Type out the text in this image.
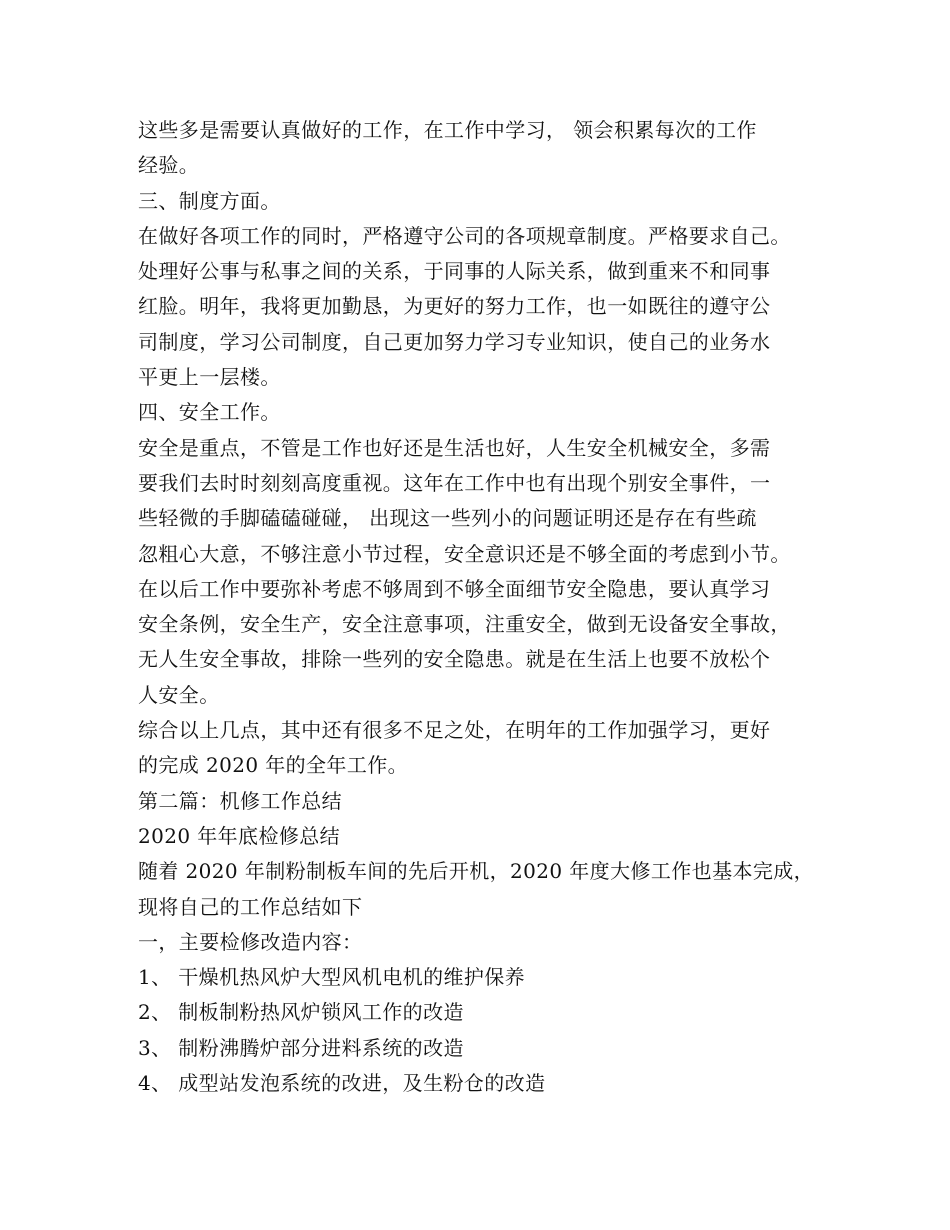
这些多是需要认真做好的工作，在工作中学习， 领会积累每次的工作
经验。
三、制度方面。
在做好各项工作的同时，严格遵守公司的各项规章制度。严格要求自己。
处理好公事与私事之间的关系，于同事的人际关系，做到重来不和同事
红脸。明年，我将更加勤恳，为更好的努力工作，也一如既往的遵守公
司制度，学习公司制度，自己更加努力学习专业知识，使自己的业务水
平更上一层楼。
四、安全工作。
安全是重点，不管是工作也好还是生活也好，人生安全机械安全，多需
要我们去时时刻刻高度重视。这年在工作中也有出现个别安全事件，一
些轻微的手脚磕磕碰碰， 出现这一些列小的问题证明还是存在有些疏
忽粗心大意，不够注意小节过程，安全意识还是不够全面的考虑到小节。
在以后工作中要弥补考虑不够周到不够全面细节安全隐患，要认真学习
安全条例，安全生产，安全注意事项，注重安全，做到无设备安全事故，
无人生安全事故，排除一些列的安全隐患。就是在生活上也要不放松个
人安全。
综合以上几点，其中还有很多不足之处，在明年的工作加强学习，更好
的完成 2020 年的全年工作。
第二篇：机修工作总结
2020 年年底检修总结
随着 2020 年制粉制板车间的先后开机，2020 年度大修工作也基本完成，
现将自己的工作总结如下
一，主要检修改造内容：
1、 干燥机热风炉大型风机电机的维护保养
2、 制板制粉热风炉锁风工作的改造
3、 制粉沸腾炉部分进料系统的改造
4、 成型站发泡系统的改进，及生粉仓的改造
